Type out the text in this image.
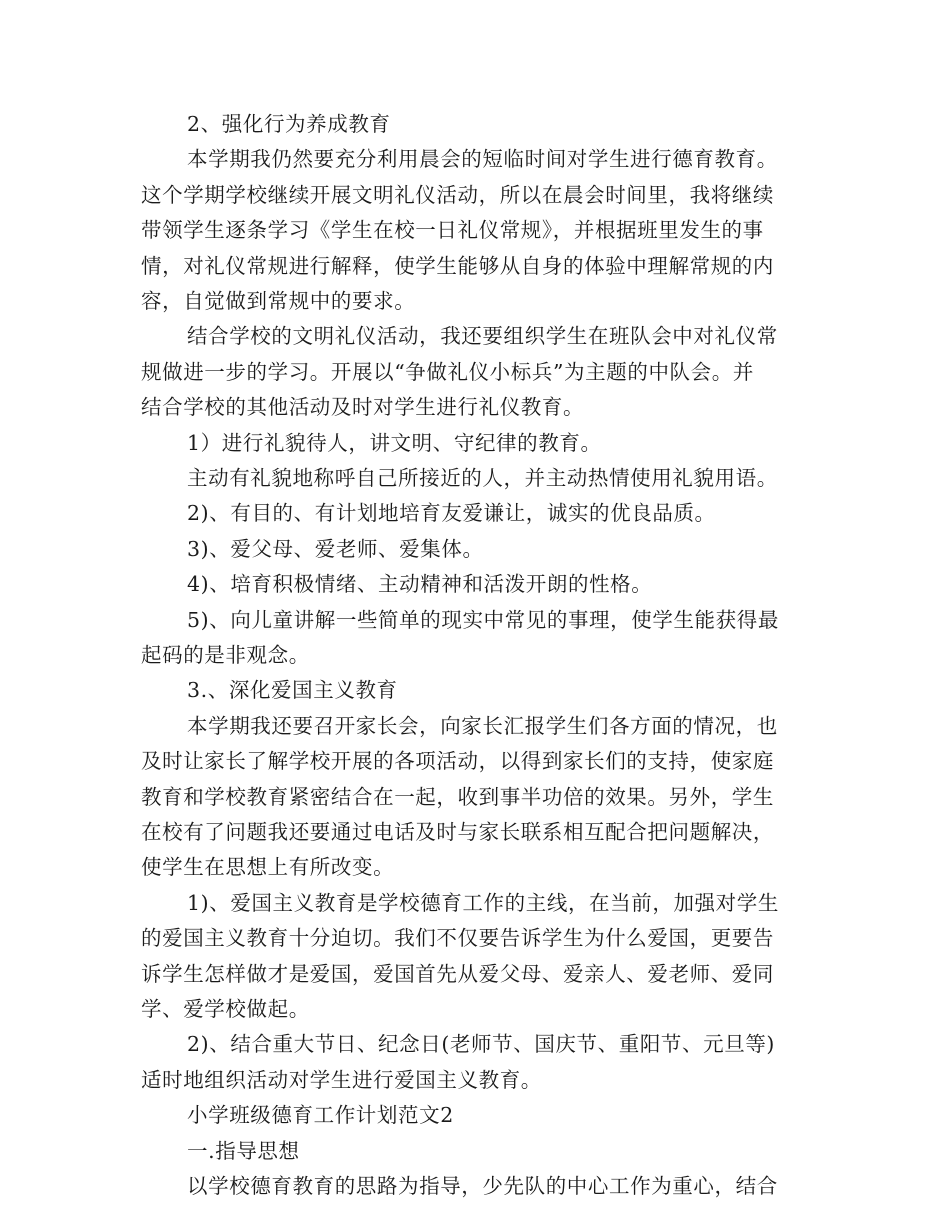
2、强化行为养成教育
本学期我仍然要充分利用晨会的短临时间对学生进行德育教育。
这个学期学校继续开展文明礼仪活动，所以在晨会时间里，我将继续
带领学生逐条学习《学生在校一日礼仪常规》，并根据班里发生的事
情，对礼仪常规进行解释，使学生能够从自身的体验中理解常规的内
容，自觉做到常规中的要求。
结合学校的文明礼仪活动，我还要组织学生在班队会中对礼仪常
规做进一步的学习。开展以“争做礼仪小标兵”为主题的中队会。并
结合学校的其他活动及时对学生进行礼仪教育。
1）进行礼貌待人，讲文明、守纪律的教育。
主动有礼貌地称呼自己所接近的人，并主动热情使用礼貌用语。
2)、有目的、有计划地培育友爱谦让，诚实的优良品质。
3)、爱父母、爱老师、爱集体。
4)、培育积极情绪、主动精神和活泼开朗的性格。
5)、向儿童讲解一些简单的现实中常见的事理，使学生能获得最
起码的是非观念。
3.、深化爱国主义教育
本学期我还要召开家长会，向家长汇报学生们各方面的情况，也
及时让家长了解学校开展的各项活动，以得到家长们的支持，使家庭
教育和学校教育紧密结合在一起，收到事半功倍的效果。另外，学生
在校有了问题我还要通过电话及时与家长联系相互配合把问题解决，
使学生在思想上有所改变。
1)、爱国主义教育是学校德育工作的主线，在当前，加强对学生
的爱国主义教育十分迫切。我们不仅要告诉学生为什么爱国，更要告
诉学生怎样做才是爱国，爱国首先从爱父母、爱亲人、爱老师、爱同
学、爱学校做起。
2)、结合重大节日、纪念日(老师节、国庆节、重阳节、元旦等)
适时地组织活动对学生进行爱国主义教育。
小学班级德育工作计划范文2
一.指导思想
以学校德育教育的思路为指导，少先队的中心工作为重心，结合
